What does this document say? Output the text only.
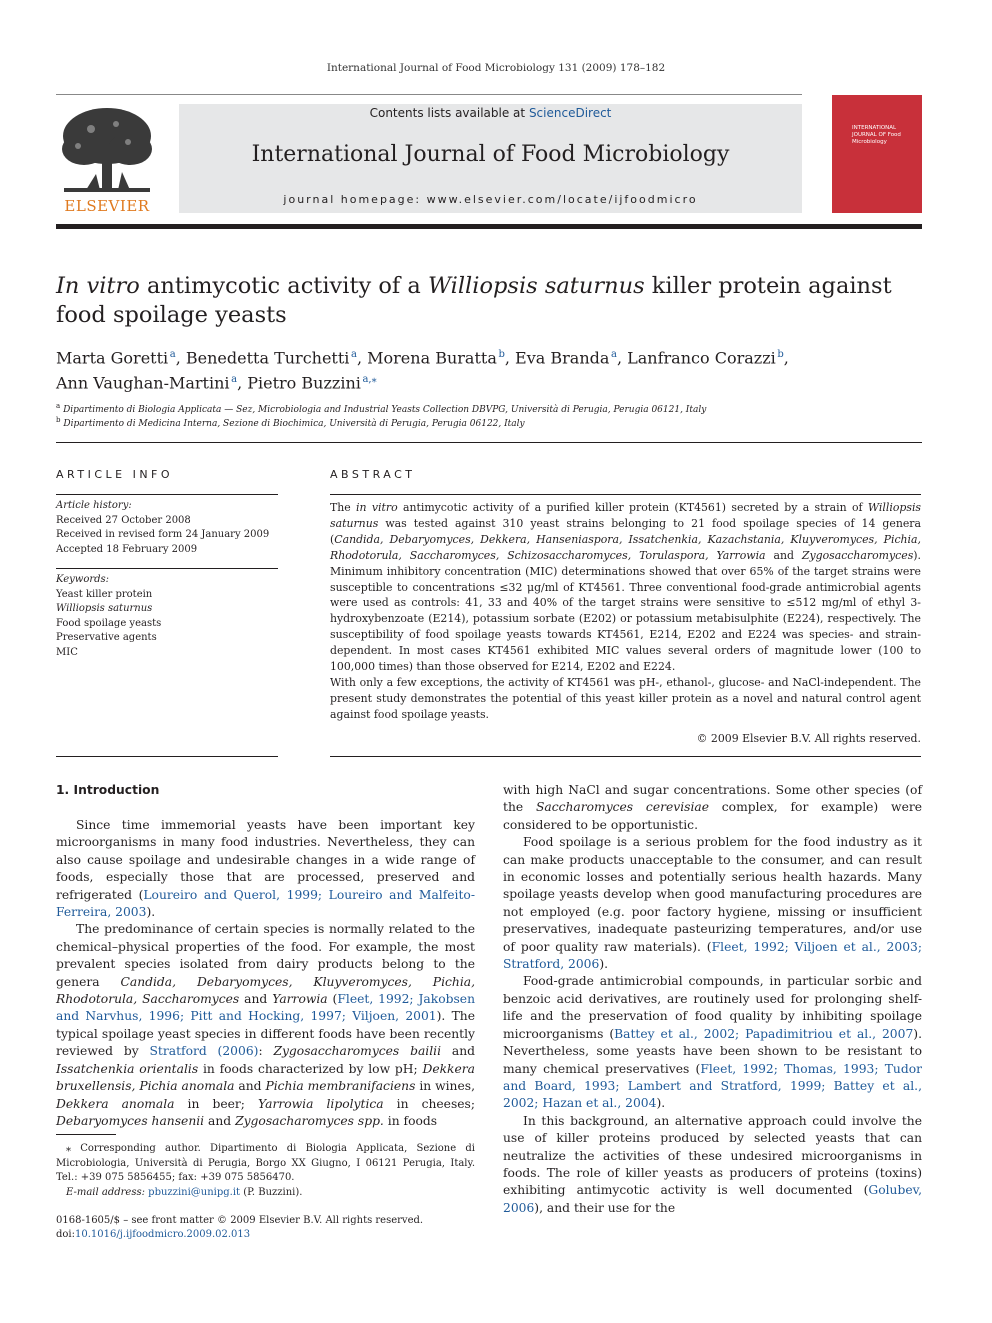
International Journal of Food Microbiology 131 (2009) 178–182
ELSEVIER
Contents lists available at ScienceDirect
International Journal of Food Microbiology
journal homepage: www.elsevier.com/locate/ijfoodmicro
INTERNATIONAL JOURNAL OF Food Microbiology
In vitro antimycotic activity of a Williopsis saturnus killer protein against food spoilage yeasts
Marta Goretti  $^a$, Benedetta Turchetti  $^a$, Morena Buratta  $^b$, Eva Branda  $^a$, Lanfranco Corazzi  $^b$,
Ann Vaughan-Martini  $^a$, Pietro Buzzini  $^{a,⁎}$
$^a$ Dipartimento di Biologia Applicata — Sez, Microbiologia and Industrial Yeasts Collection DBVPG, Università di Perugia, Perugia 06121, Italy
$^b$ Dipartimento di Medicina Interna, Sezione di Biochimica, Università di Perugia, Perugia 06122, Italy
ARTICLE INFO
Article history:
Received 27 October 2008
Received in revised form 24 January 2009
Accepted 18 February 2009
Keywords:
Yeast killer protein
Williopsis saturnus
Food spoilage yeasts
Preservative agents
MIC
ABSTRACT

The in vitro antimycotic activity of a purified killer protein (KT4561) secreted by a strain of Williopsis saturnus was tested against 310 yeast strains belonging to 21 food spoilage species of 14 genera (Candida, Debaryomyces, Dekkera, Hanseniaspora, Issatchenkia, Kazachstania, Kluyveromyces, Pichia, Rhodotorula, Saccharomyces, Schizosaccharomyces, Torulaspora, Yarrowia and Zygosaccharomyces). Minimum inhibitory concentration (MIC) determinations showed that over 65% of the target strains were susceptible to concentrations ≤32 μg/ml of KT4561. Three conventional food-grade antimicrobial agents were used as controls: 41, 33 and 40% of the target strains were sensitive to ≤512 mg/ml of ethyl 3-hydroxybenzoate (E214), potassium sorbate (E202) or potassium metabisulphite (E224), respectively. The susceptibility of food spoilage yeasts towards KT4561, E214, E202 and E224 was species- and strain-dependent. In most cases KT4561 exhibited MIC values several orders of magnitude lower (100 to 100,000 times) than those observed for E214, E202 and E224.

With only a few exceptions, the activity of KT4561 was pH-, ethanol-, glucose- and NaCl-independent. The present study demonstrates the potential of this yeast killer protein as a novel and natural control agent against food spoilage yeasts.

© 2009 Elsevier B.V. All rights reserved.

1. Introduction

Since time immemorial yeasts have been important key microorganisms in many food industries. Nevertheless, they can also cause spoilage and undesirable changes in a wide range of foods, especially those that are processed, preserved and refrigerated (Loureiro and Querol, 1999; Loureiro and Malfeito-Ferreira, 2003).

The predominance of certain species is normally related to the chemical–physical properties of the food. For example, the most prevalent species isolated from dairy products belong to the genera Candida, Debaryomyces, Kluyveromyces, Pichia, Rhodotorula, Saccharomyces and Yarrowia (Fleet, 1992; Jakobsen and Narvhus, 1996; Pitt and Hocking, 1997; Viljoen, 2001). The typical spoilage yeast species in different foods have been recently reviewed by Stratford (2006): Zygosaccharomyces bailii and Issatchenkia orientalis in foods characterized by low pH; Dekkera bruxellensis, Pichia anomala and Pichia membranifaciens in wines, Dekkera anomala in beer; Yarrowia lipolytica in cheeses; Debaryomyces hansenii and Zygosacharomyces spp. in foods

with high NaCl and sugar concentrations. Some other species (of the Saccharomyces cerevisiae complex, for example) were considered to be opportunistic.

Food spoilage is a serious problem for the food industry as it can make products unacceptable to the consumer, and can result in economic losses and potentially serious health hazards. Many spoilage yeasts develop when good manufacturing procedures are not employed (e.g. poor factory hygiene, missing or insufficient preservatives, inadequate pasteurizing temperatures, and/or use of poor quality raw materials). (Fleet, 1992; Viljoen et al., 2003; Stratford, 2006).

Food-grade antimicrobial compounds, in particular sorbic and benzoic acid derivatives, are routinely used for prolonging shelf-life and the preservation of food quality by inhibiting spoilage microorganisms (Battey et al., 2002; Papadimitriou et al., 2007). Nevertheless, some yeasts have been shown to be resistant to many chemical preservatives (Fleet, 1992; Thomas, 1993; Tudor and Board, 1993; Lambert and Stratford, 1999; Battey et al., 2002; Hazan et al., 2004).

In this background, an alternative approach could involve the use of killer proteins produced by selected yeasts that can neutralize the activities of these undesired microorganisms in foods. The role of killer yeasts as producers of proteins (toxins) exhibiting antimycotic activity is well documented (Golubev, 2006), and their use for the

⁎ Corresponding author. Dipartimento di Biologia Applicata, Sezione di Microbiologia, Università di Perugia, Borgo XX Giugno, I 06121 Perugia, Italy. Tel.: +39 075 5856455; fax: +39 075 5856470.

E-mail address: pbuzzini@unipg.it (P. Buzzini).

0168-1605/$ – see front matter © 2009 Elsevier B.V. All rights reserved.
doi:10.1016/j.ijfoodmicro.2009.02.013
